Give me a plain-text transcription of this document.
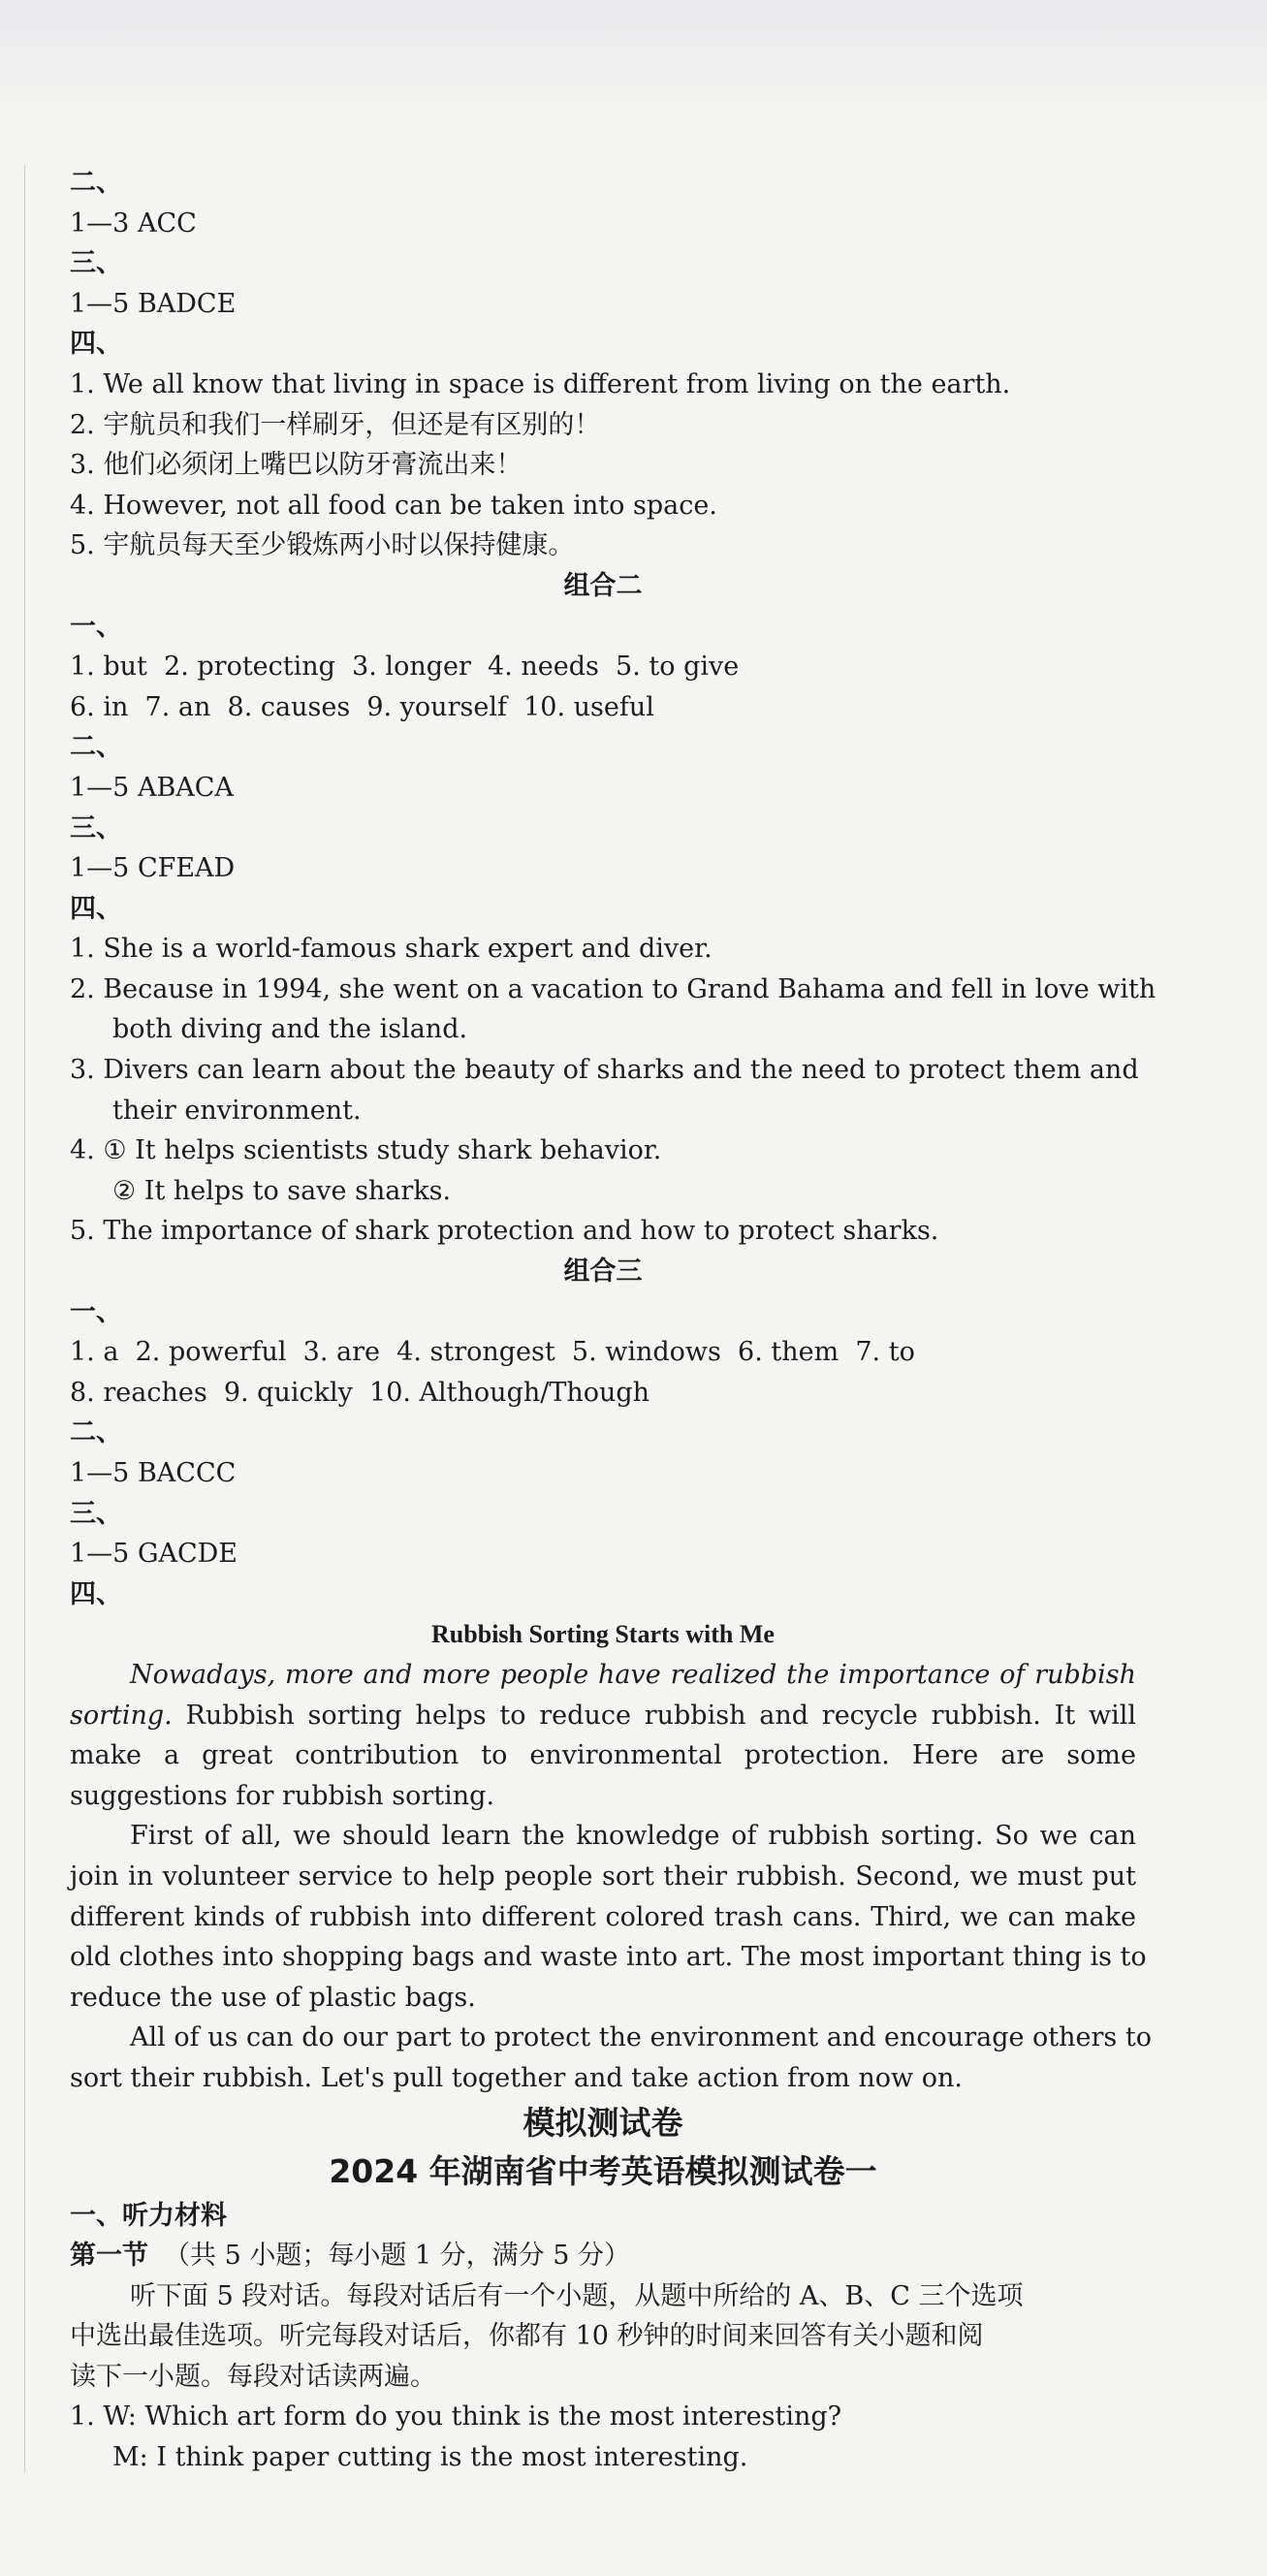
二、
1—3 ACC
三、
1—5 BADCE
四、
1. We all know that living in space is different from living on the earth.
2. 宇航员和我们一样刷牙，但还是有区别的！
3. 他们必须闭上嘴巴以防牙膏流出来！
4. However, not all food can be taken into space.
5. 宇航员每天至少锻炼两小时以保持健康。
组合二
一、
1. but  2. protecting  3. longer  4. needs  5. to give
6. in  7. an  8. causes  9. yourself  10. useful
二、
1—5 ABACA
三、
1—5 CFEAD
四、
1. She is a world-famous shark expert and diver.
2. Because in 1994, she went on a vacation to Grand Bahama and fell in love with
both diving and the island.
3. Divers can learn about the beauty of sharks and the need to protect them and
their environment.
4. ① It helps scientists study shark behavior.
② It helps to save sharks.
5. The importance of shark protection and how to protect sharks.
组合三
一、
1. a  2. powerful  3. are  4. strongest  5. windows  6. them  7. to
8. reaches  9. quickly  10. Although/Though
二、
1—5 BACCC
三、
1—5 GACDE
四、
Rubbish Sorting Starts with Me
Nowadays, more and more people have realized the importance of rubbish
sorting. Rubbish sorting helps to reduce rubbish and recycle rubbish. It will
make a great contribution to environmental protection. Here are some
suggestions for rubbish sorting.
First of all, we should learn the knowledge of rubbish sorting. So we can
join in volunteer service to help people sort their rubbish. Second, we must put
different kinds of rubbish into different colored trash cans. Third, we can make
old clothes into shopping bags and waste into art. The most important thing is to
reduce the use of plastic bags.
All of us can do our part to protect the environment and encourage others to
sort their rubbish. Let's pull together and take action from now on.
模拟测试卷
2024 年湖南省中考英语模拟测试卷一
一、听力材料
第一节 （共 5 小题；每小题 1 分，满分 5 分）
听下面 5 段对话。每段对话后有一个小题，从题中所给的 A、B、C 三个选项
中选出最佳选项。听完每段对话后，你都有 10 秒钟的时间来回答有关小题和阅
读下一小题。每段对话读两遍。
1. W: Which art form do you think is the most interesting?
M: I think paper cutting is the most interesting.
